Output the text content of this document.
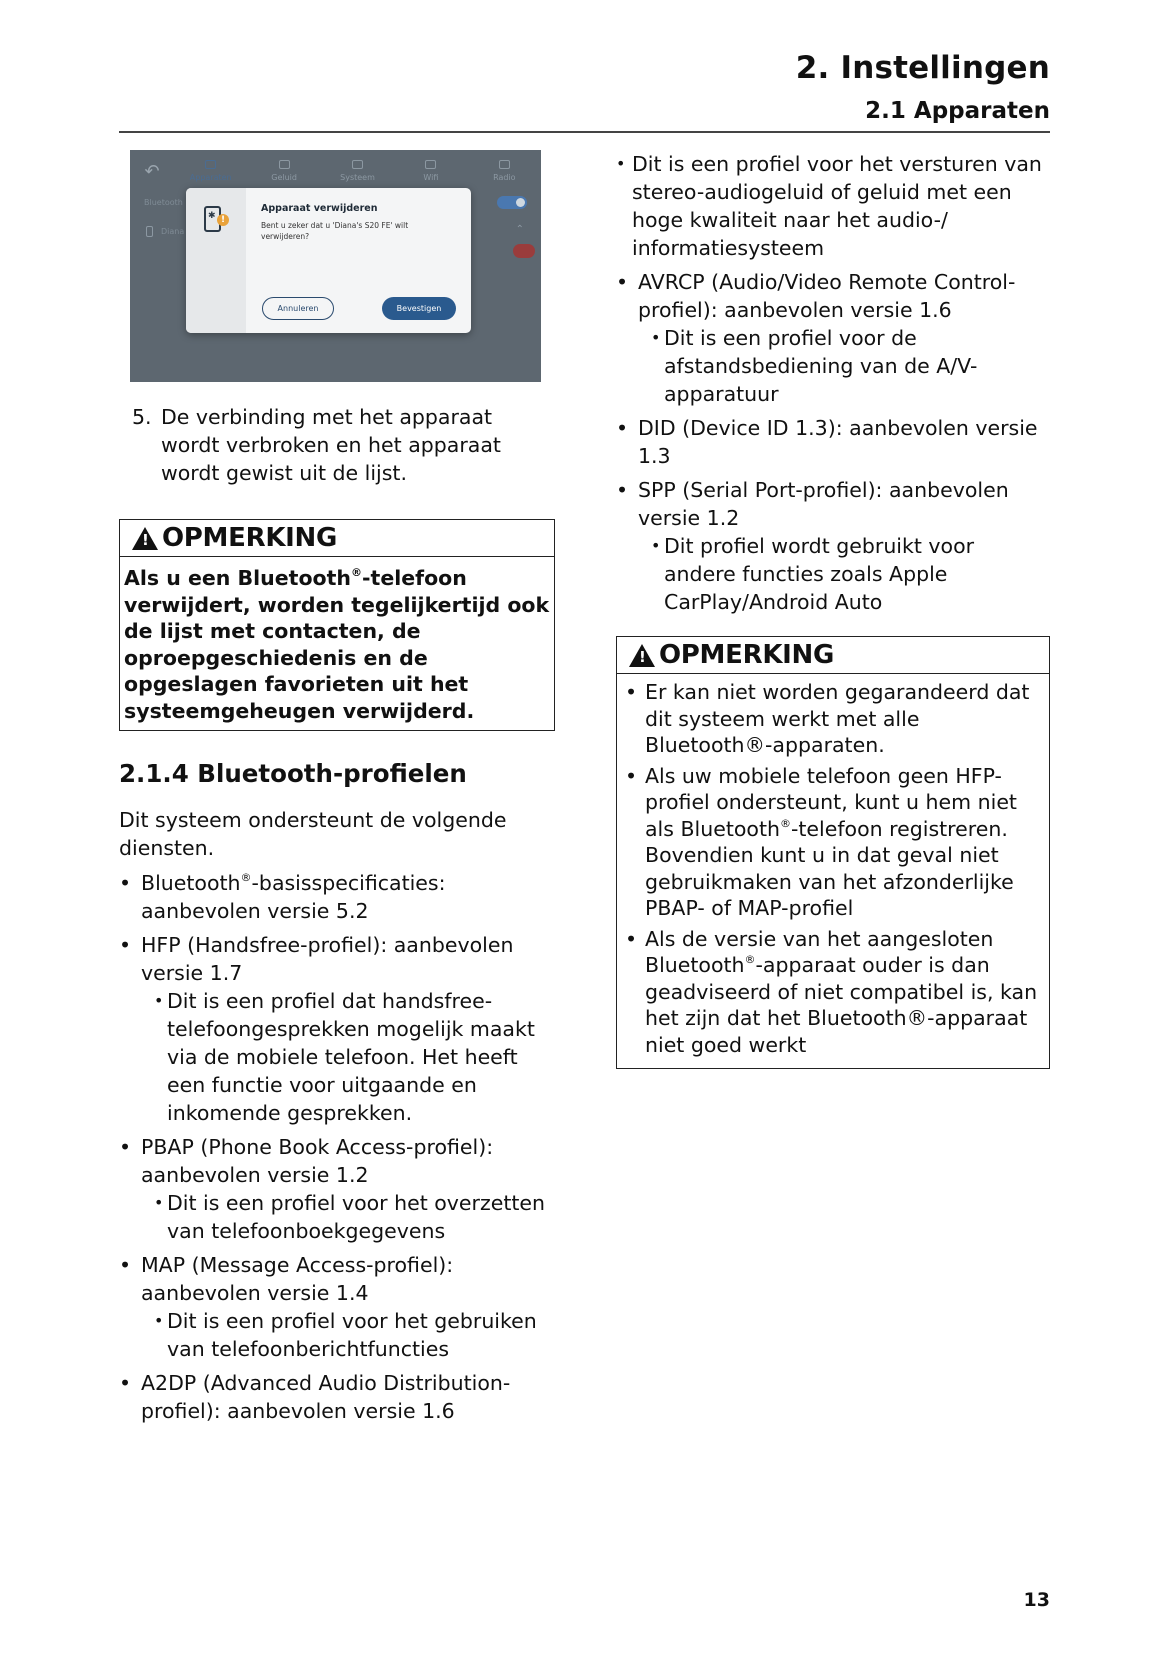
2. Instellingen
2.1 Apparaten
↶	Apparaten	Geluid	Systeem	Wifi	Radio
Bluetooth
Diana	⌃
✱ !
Apparaat verwijderen
Bent u zeker dat u 'Diana's S20 FE' wilt verwijderen?
Annuleren	Bevestigen
5. De verbinding met het apparaat wordt verbroken en het apparaat wordt gewist uit de lijst.
! OPMERKING
Als u een Bluetooth®-telefoon verwijdert, worden tegelijkertijd ook de lijst met contacten, de oproepgeschiedenis en de opgeslagen favorieten uit het systeemgeheugen verwijderd.
2.1.4 Bluetooth-profielen
Dit systeem ondersteunt de volgende diensten.
• Bluetooth®-basisspecificaties: aanbevolen versie 5.2
• HFP (Handsfree-profiel): aanbevolen versie 1.7
• Dit is een profiel dat handsfree-telefoongesprekken mogelijk maakt via de mobiele telefoon. Het heeft een functie voor uitgaande en inkomende gesprekken.
• PBAP (Phone Book Access-profiel): aanbevolen versie 1.2
• Dit is een profiel voor het overzetten van telefoonboekgegevens
• MAP (Message Access-profiel): aanbevolen versie 1.4
• Dit is een profiel voor het gebruiken van telefoonberichtfuncties
• A2DP (Advanced Audio Distribution-profiel): aanbevolen versie 1.6
• Dit is een profiel voor het versturen van stereo-audiogeluid of geluid met een hoge kwaliteit naar het audio-/ informatiesysteem
• AVRCP (Audio/Video Remote Control-profiel): aanbevolen versie 1.6
• Dit is een profiel voor de afstandsbediening van de A/V-apparatuur
• DID (Device ID 1.3): aanbevolen versie 1.3
• SPP (Serial Port-profiel): aanbevolen versie 1.2
• Dit profiel wordt gebruikt voor andere functies zoals Apple CarPlay/Android Auto
! OPMERKING
• Er kan niet worden gegarandeerd dat dit systeem werkt met alle Bluetooth®-apparaten.
• Als uw mobiele telefoon geen HFP-profiel ondersteunt, kunt u hem niet als Bluetooth®-telefoon registreren. Bovendien kunt u in dat geval niet gebruikmaken van het afzonderlijke PBAP- of MAP-profiel
• Als de versie van het aangesloten Bluetooth®-apparaat ouder is dan geadviseerd of niet compatibel is, kan het zijn dat het Bluetooth®-apparaat niet goed werkt
13
